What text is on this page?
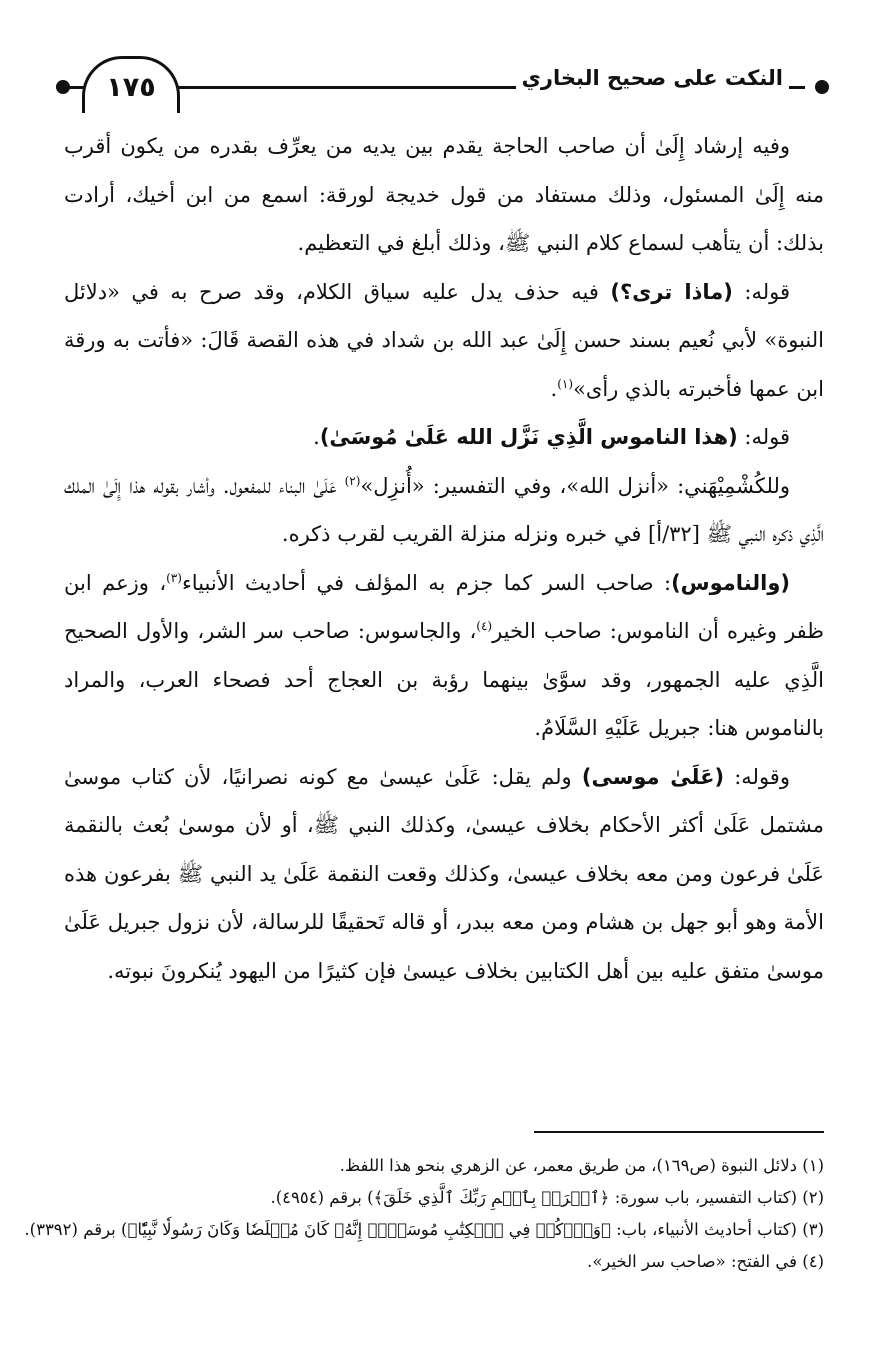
النكت على صحيح البخاري
١٧٥

وفيه إرشاد إِلَىٰ أن صاحب الحاجة يقدم بين يديه من يعرِّف بقدره من يكون أقرب منه إِلَىٰ المسئول، وذلك مستفاد من قول خديجة لورقة: اسمع من ابن أخيك، أرادت بذلك: أن يتأهب لسماع كلام النبي ﷺ، وذلك أبلغ في التعظيم.

قوله: (ماذا ترى؟) فيه حذف يدل عليه سياق الكلام، وقد صرح به في «دلائل النبوة» لأبي نُعيم بسند حسن إِلَىٰ عبد الله بن شداد في هذه القصة قَالَ: «فأتت به ورقة ابن عمها فأخبرته بالذي رأى»$^{(١)}$.

قوله: (هذا الناموس الَّذِي نَزَّل الله عَلَىٰ مُوسَىٰ).

وللكُشْمِيْهَني: «أنزل الله»، وفي التفسير: «أُنزِل»$^{(٢)}$ عَلَىٰ البناء للمفعول. وأشار بقوله هذا إِلَىٰ الملك الَّذِي ذكره النبي ﷺ [٣٢/أ] في خبره ونزله منزلة القريب لقرب ذكره.

(والناموس): صاحب السر كما جزم به المؤلف في أحاديث الأنبياء$^{(٣)}$، وزعم ابن ظفر وغيره أن الناموس: صاحب الخير$^{(٤)}$، والجاسوس: صاحب سر الشر، والأول الصحيح الَّذِي عليه الجمهور، وقد سوَّىٰ بينهما رؤبة بن العجاج أحد فصحاء العرب، والمراد بالناموس هنا: جبريل عَلَيْهِ السَّلَامُ.

وقوله: (عَلَىٰ موسى) ولم يقل: عَلَىٰ عيسىٰ مع كونه نصرانيًا، لأن كتاب موسىٰ مشتمل عَلَىٰ أكثر الأحكام بخلاف عيسىٰ، وكذلك النبي ﷺ، أو لأن موسىٰ بُعث بالنقمة عَلَىٰ فرعون ومن معه بخلاف عيسىٰ، وكذلك وقعت النقمة عَلَىٰ يد النبي ﷺ بفرعون هذه الأمة وهو أبو جهل بن هشام ومن معه ببدر، أو قاله تَحقيقًا للرسالة، لأن نزول جبريل عَلَىٰ موسىٰ متفق عليه بين أهل الكتابين بخلاف عيسىٰ فإن كثيرًا من اليهود يُنكرونَ نبوته.

(١) دلائل النبوة (ص١٦٩)، من طريق معمر، عن الزهري بنحو هذا اللفظ.
(٢) (كتاب التفسير، باب سورة: ﴿ٱقۡرَأۡ بِٱسۡمِ رَبِّكَ ٱلَّذِي خَلَقَ﴾) برقم (٤٩٥٤).
(٣) (كتاب أحاديث الأنبياء، باب: ﴿وَٱذۡكُرۡ فِي ٱلۡكِتَٰبِ مُوسَىٰٓۚ إِنَّهُۥ كَانَ مُخۡلَصٗا وَكَانَ رَسُولٗا نَّبِيّٗا﴾) برقم (٣٣٩٢).
(٤) في الفتح: «صاحب سر الخير».
